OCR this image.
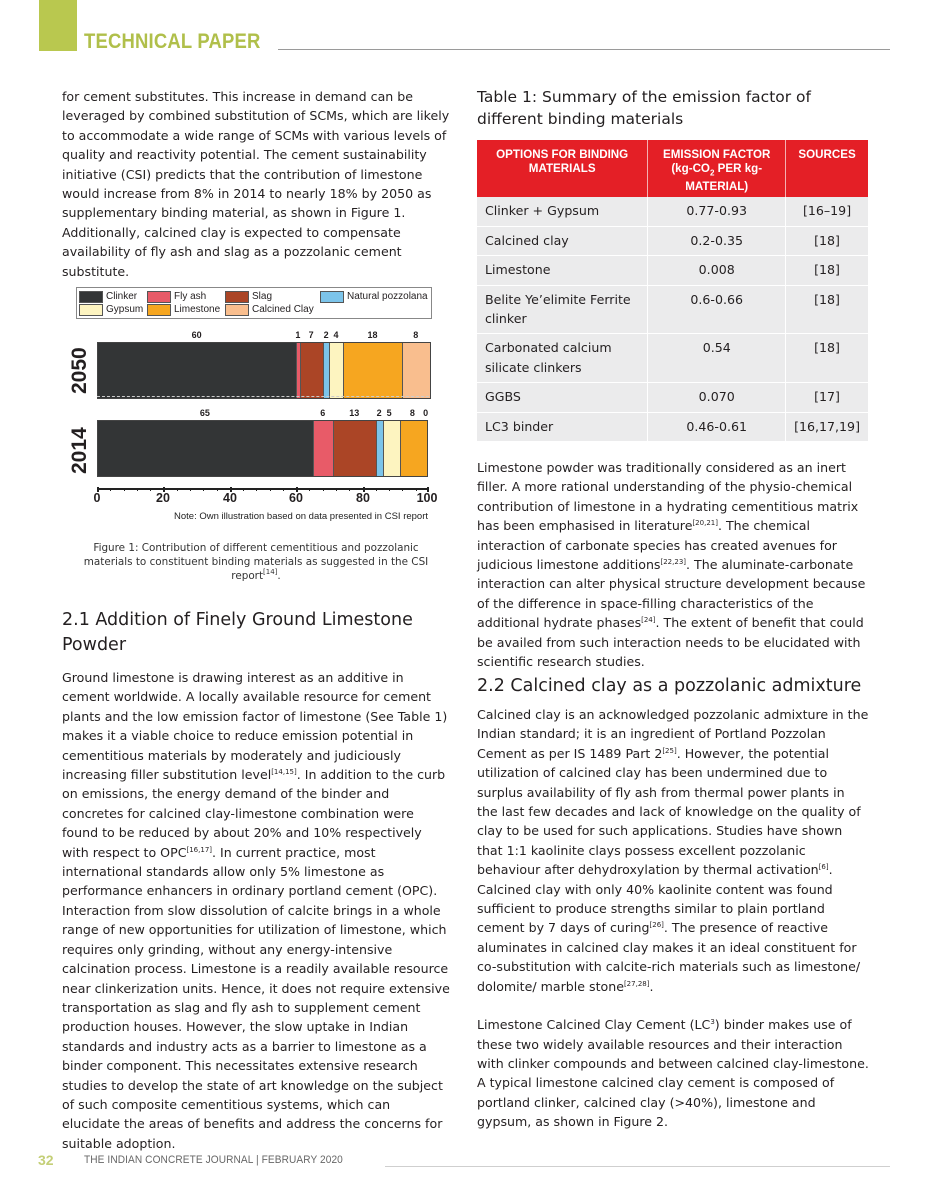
TECHNICAL PAPER

for cement substitutes. This increase in demand can be leveraged by combined substitution of SCMs, which are likely to accommodate a wide range of SCMs with various levels of quality and reactivity potential. The cement sustainability initiative (CSI) predicts that the contribution of limestone would increase from 8% in 2014 to nearly 18% by 2050 as supplementary binding material, as shown in Figure 1. Additionally, calcined clay is expected to compensate availability of fly ash and slag as a pozzolanic cement substitute.

Clinker	Fly ash	Slag	Natural pozzolana
Gypsum	Limestone	Calcined Clay
2050
60	1 7 2 4	18	8
2014
65	6	13 2 5 8 0
0	20	40	60	80	100
Note: Own illustration based on data presented in CSI report
Figure 1: Contribution of different cementitious and pozzolanic materials to constituent binding materials as suggested in the CSI report[14].
2.1 Addition of Finely Ground Limestone Powder

Ground limestone is drawing interest as an additive in cement worldwide. A locally available resource for cement plants and the low emission factor of limestone (See Table 1) makes it a viable choice to reduce emission potential in cementitious materials by moderately and judiciously increasing filler substitution level[14,15]. In addition to the curb on emissions, the energy demand of the binder and concretes for calcined clay-limestone combination were found to be reduced by about 20% and 10% respectively with respect to OPC[16,17]. In current practice, most international standards allow only 5% limestone as performance enhancers in ordinary portland cement (OPC). Interaction from slow dissolution of calcite brings in a whole range of new opportunities for utilization of limestone, which requires only grinding, without any energy-intensive calcination process. Limestone is a readily available resource near clinkerization units. Hence, it does not require extensive transportation as slag and fly ash to supplement cement production houses. However, the slow uptake in Indian standards and industry acts as a barrier to limestone as a binder component. This necessitates extensive research studies to develop the state of art knowledge on the subject of such composite cementitious systems, which can elucidate the areas of benefits and address the concerns for suitable adoption.

Table 1: Summary of the emission factor of different binding materials
OPTIONS FOR BINDING MATERIALS	EMISSION FACTOR ($kg-CO_2$ PER kg-MATERIAL)	SOURCES
Clinker + Gypsum	0.77-0.93	[16–19]
Calcined clay	0.2-0.35	[18]
Limestone	0.008	[18]
Belite Ye’elimite Ferrite clinker	0.6-0.66	[18]
Carbonated calcium silicate clinkers	0.54	[18]
GGBS	0.070	[17]
LC3 binder	0.46-0.61	[16,17,19]

Limestone powder was traditionally considered as an inert filler. A more rational understanding of the physio-chemical contribution of limestone in a hydrating cementitious matrix has been emphasised in literature[20,21]. The chemical interaction of carbonate species has created avenues for judicious limestone additions[22,23]. The aluminate-carbonate interaction can alter physical structure development because of the difference in space-filling characteristics of the additional hydrate phases[24]. The extent of benefit that could be availed from such interaction needs to be elucidated with scientific research studies.

2.2 Calcined clay as a pozzolanic admixture

Calcined clay is an acknowledged pozzolanic admixture in the Indian standard; it is an ingredient of Portland Pozzolan Cement as per IS 1489 Part 2[25]. However, the potential utilization of calcined clay has been undermined due to surplus availability of fly ash from thermal power plants in the last few decades and lack of knowledge on the quality of clay to be used for such applications. Studies have shown that 1:1 kaolinite clays possess excellent pozzolanic behaviour after dehydroxylation by thermal activation[6]. Calcined clay with only 40% kaolinite content was found sufficient to produce strengths similar to plain portland cement by 7 days of curing[26]. The presence of reactive aluminates in calcined clay makes it an ideal constituent for co-substitution with calcite-rich materials such as limestone/ dolomite/ marble stone[27,28].

Limestone Calcined Clay Cement $(LC^3)$ binder makes use of these two widely available resources and their interaction with clinker compounds and between calcined clay-limestone. A typical limestone calcined clay cement is composed of portland clinker, calcined clay (>40%), limestone and gypsum, as shown in Figure 2.

32	THE INDIAN CONCRETE JOURNAL | FEBRUARY 2020
